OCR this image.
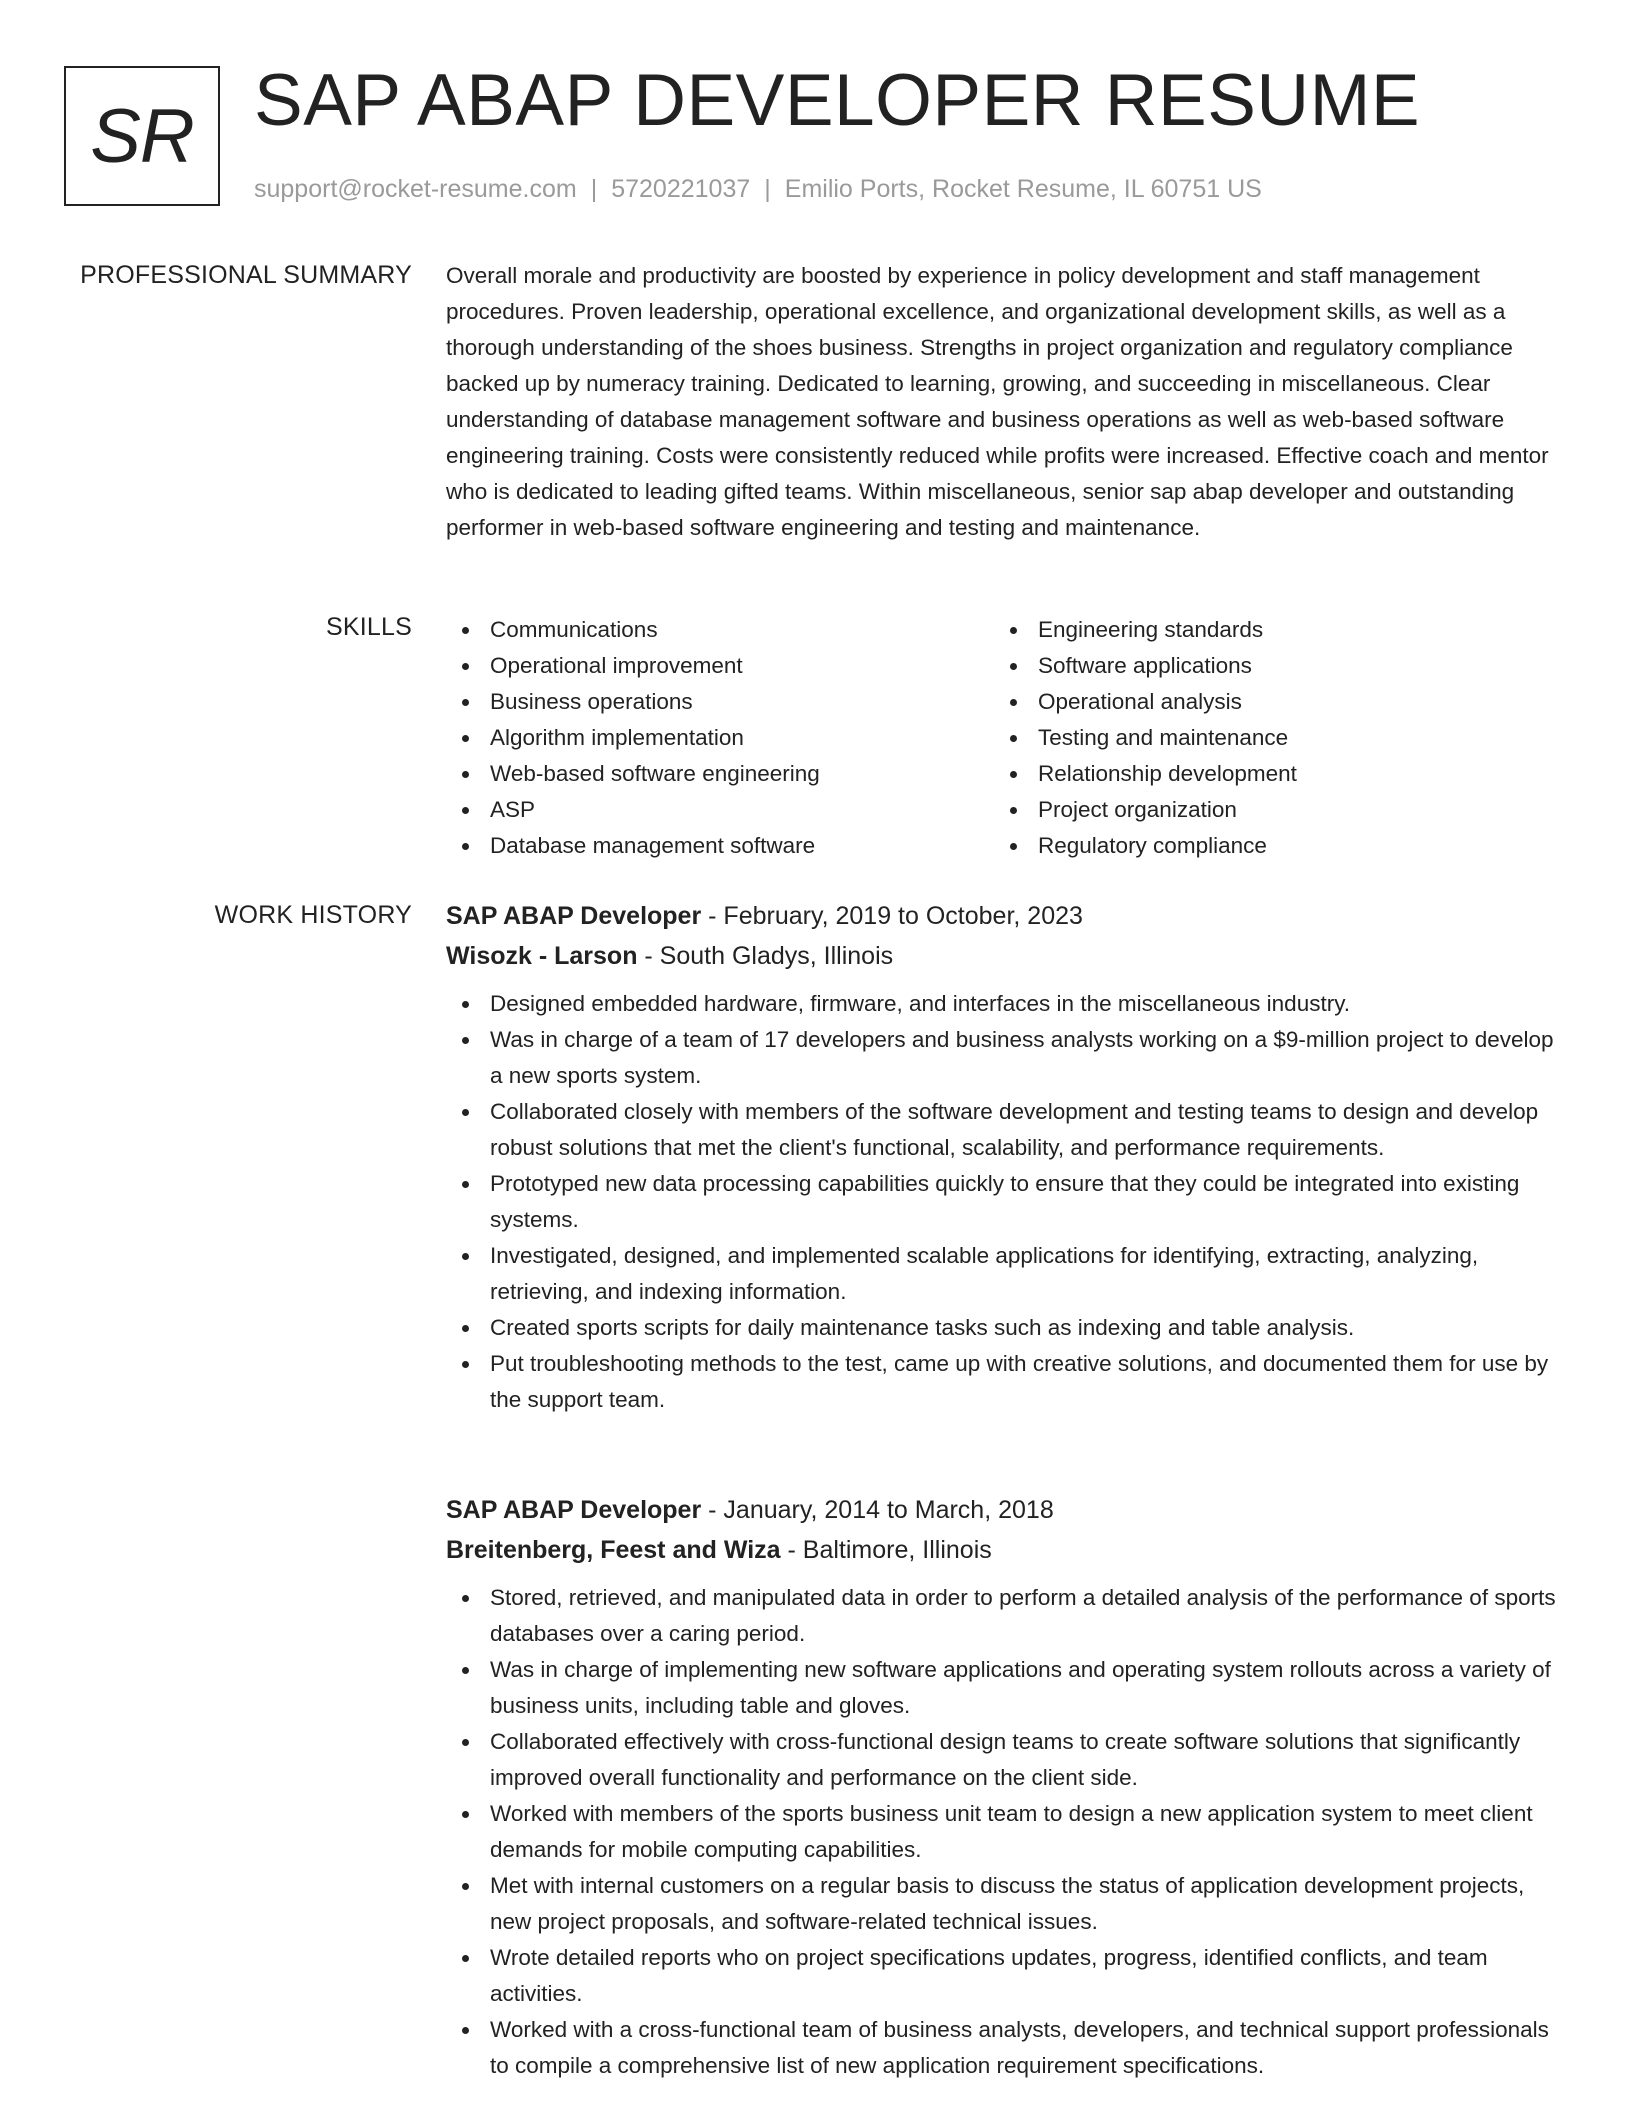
SR SAP ABAP DEVELOPER RESUME
support@rocket-resume.com | 5720221037 | Emilio Ports, Rocket Resume, IL 60751 US
PROFESSIONAL SUMMARY Overall morale and productivity are boosted by experience in policy development and staff management procedures. Proven leadership, operational excellence, and organizational development skills, as well as a thorough understanding of the shoes business. Strengths in project organization and regulatory compliance backed up by numeracy training. Dedicated to learning, growing, and succeeding in miscellaneous. Clear understanding of database management software and business operations as well as web-based software engineering training. Costs were consistently reduced while profits were increased. Effective coach and mentor who is dedicated to leading gifted teams. Within miscellaneous, senior sap abap developer and outstanding performer in web-based software engineering and testing and maintenance.
SKILLS	Communications
Operational improvement
Business operations
Algorithm implementation
Web-based software engineering
ASP
Database management software
Engineering standards
Software applications
Operational analysis
Testing and maintenance
Relationship development
Project organization
Regulatory compliance
WORK HISTORY SAP ABAP Developer - February, 2019 to October, 2023
Wisozk - Larson - South Gladys, Illinois
Designed embedded hardware, firmware, and interfaces in the miscellaneous industry.
Was in charge of a team of 17 developers and business analysts working on a $9-million project to develop a new sports system.
Collaborated closely with members of the software development and testing teams to design and develop robust solutions that met the client's functional, scalability, and performance requirements.
Prototyped new data processing capabilities quickly to ensure that they could be integrated into existing systems.
Investigated, designed, and implemented scalable applications for identifying, extracting, analyzing, retrieving, and indexing information.
Created sports scripts for daily maintenance tasks such as indexing and table analysis.
Put troubleshooting methods to the test, came up with creative solutions, and documented them for use by the support team.
SAP ABAP Developer - January, 2014 to March, 2018
Breitenberg, Feest and Wiza - Baltimore, Illinois
Stored, retrieved, and manipulated data in order to perform a detailed analysis of the performance of sports databases over a caring period.
Was in charge of implementing new software applications and operating system rollouts across a variety of business units, including table and gloves.
Collaborated effectively with cross-functional design teams to create software solutions that significantly improved overall functionality and performance on the client side.
Worked with members of the sports business unit team to design a new application system to meet client demands for mobile computing capabilities.
Met with internal customers on a regular basis to discuss the status of application development projects, new project proposals, and software-related technical issues.
Wrote detailed reports who on project specifications updates, progress, identified conflicts, and team activities.
Worked with a cross-functional team of business analysts, developers, and technical support professionals to compile a comprehensive list of new application requirement specifications.
